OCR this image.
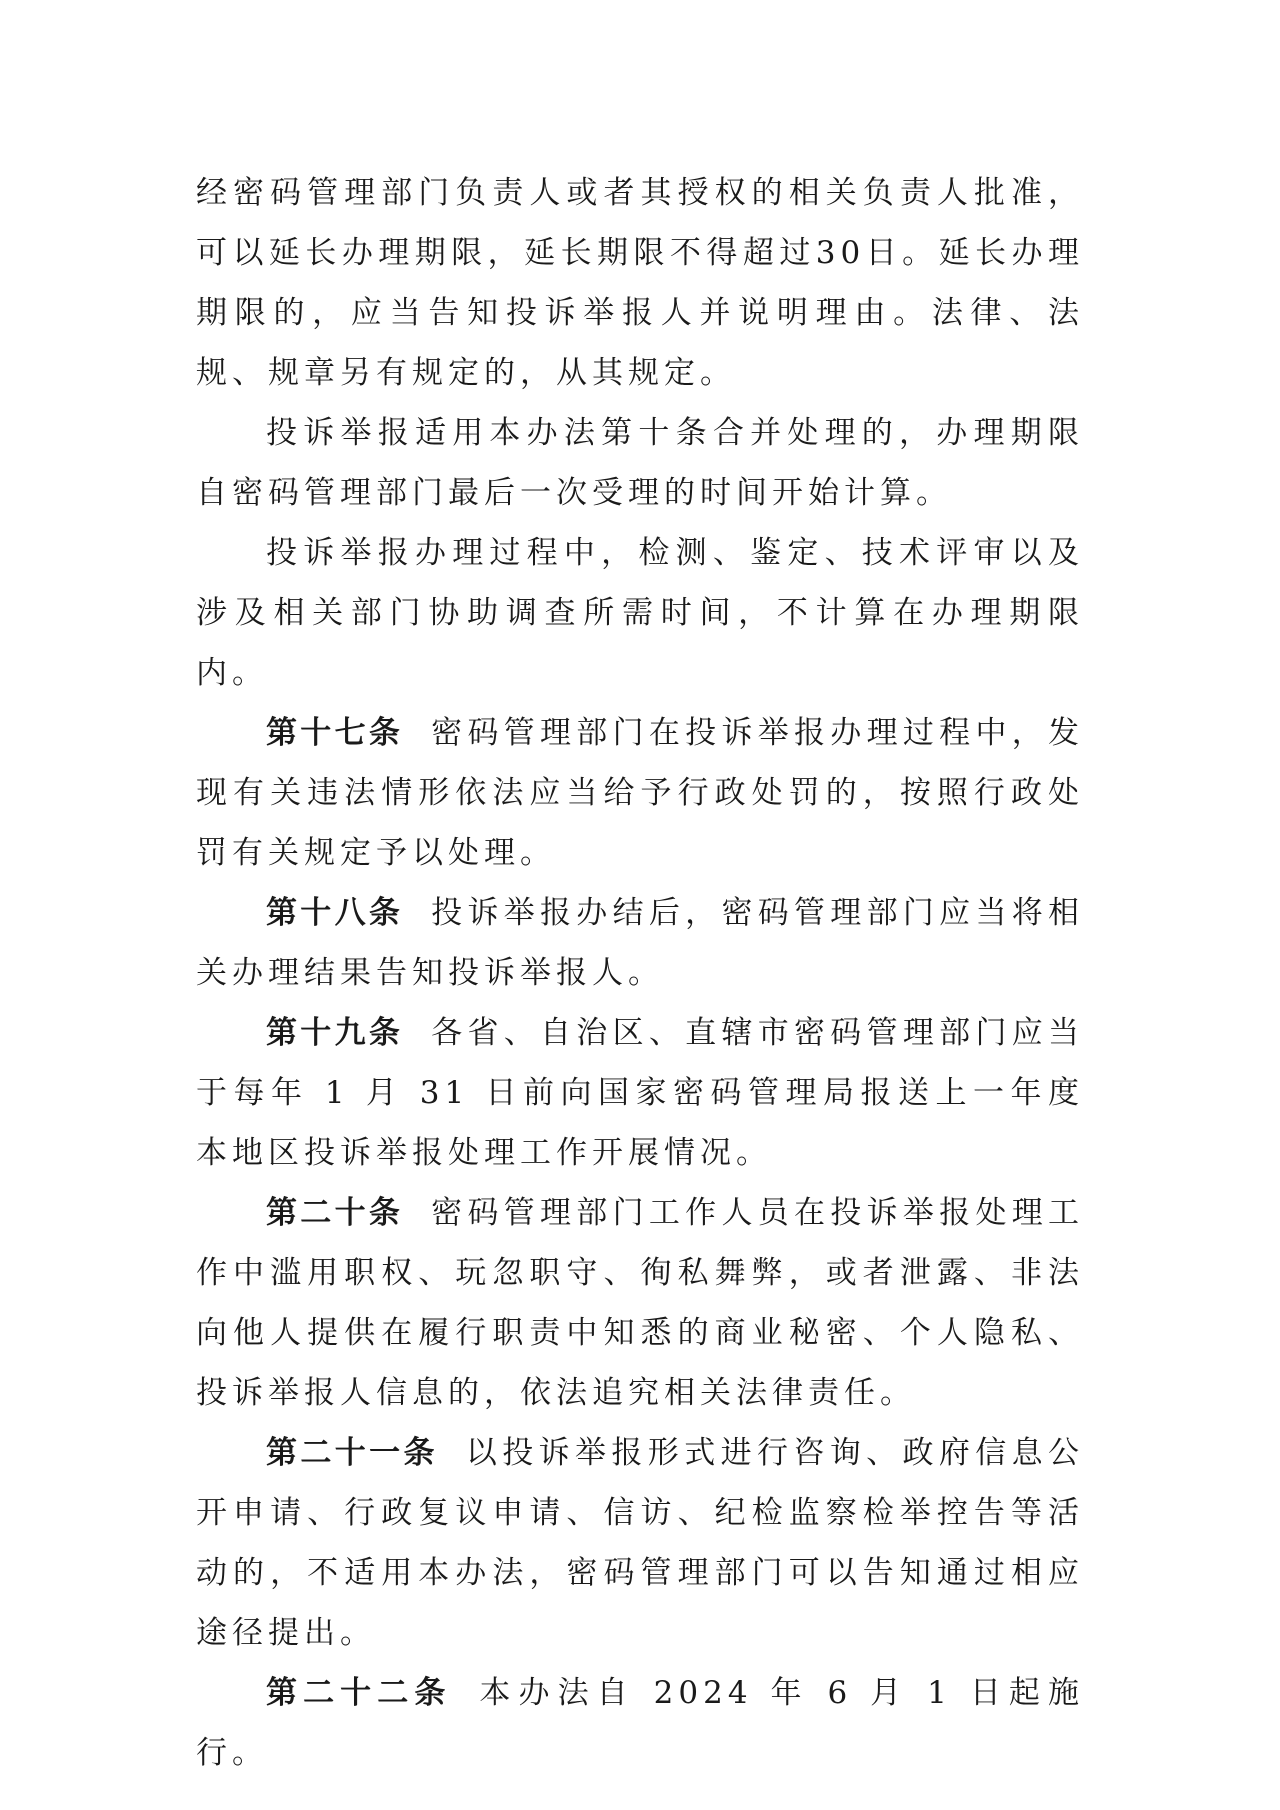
经密码管理部门负责人或者其授权的相关负责人批准，可以延长办理期限，延长期限不得超过30日。延长办理期限的，应当告知投诉举报人并说明理由。法律、法规、规章另有规定的，从其规定。

投诉举报适用本办法第十条合并处理的，办理期限自密码管理部门最后一次受理的时间开始计算。

投诉举报办理过程中，检测、鉴定、技术评审以及涉及相关部门协助调查所需时间，不计算在办理期限内。

第十七条 密码管理部门在投诉举报办理过程中，发现有关违法情形依法应当给予行政处罚的，按照行政处罚有关规定予以处理。

第十八条 投诉举报办结后，密码管理部门应当将相关办理结果告知投诉举报人。

第十九条 各省、自治区、直辖市密码管理部门应当于每年 1 月 31 日前向国家密码管理局报送上一年度本地区投诉举报处理工作开展情况。

第二十条 密码管理部门工作人员在投诉举报处理工作中滥用职权、玩忽职守、徇私舞弊，或者泄露、非法向他人提供在履行职责中知悉的商业秘密、个人隐私、投诉举报人信息的，依法追究相关法律责任。

第二十一条 以投诉举报形式进行咨询、政府信息公开申请、行政复议申请、信访、纪检监察检举控告等活动的，不适用本办法，密码管理部门可以告知通过相应途径提出。

第二十二条 本办法自 2024 年 6 月 1 日起施行。
